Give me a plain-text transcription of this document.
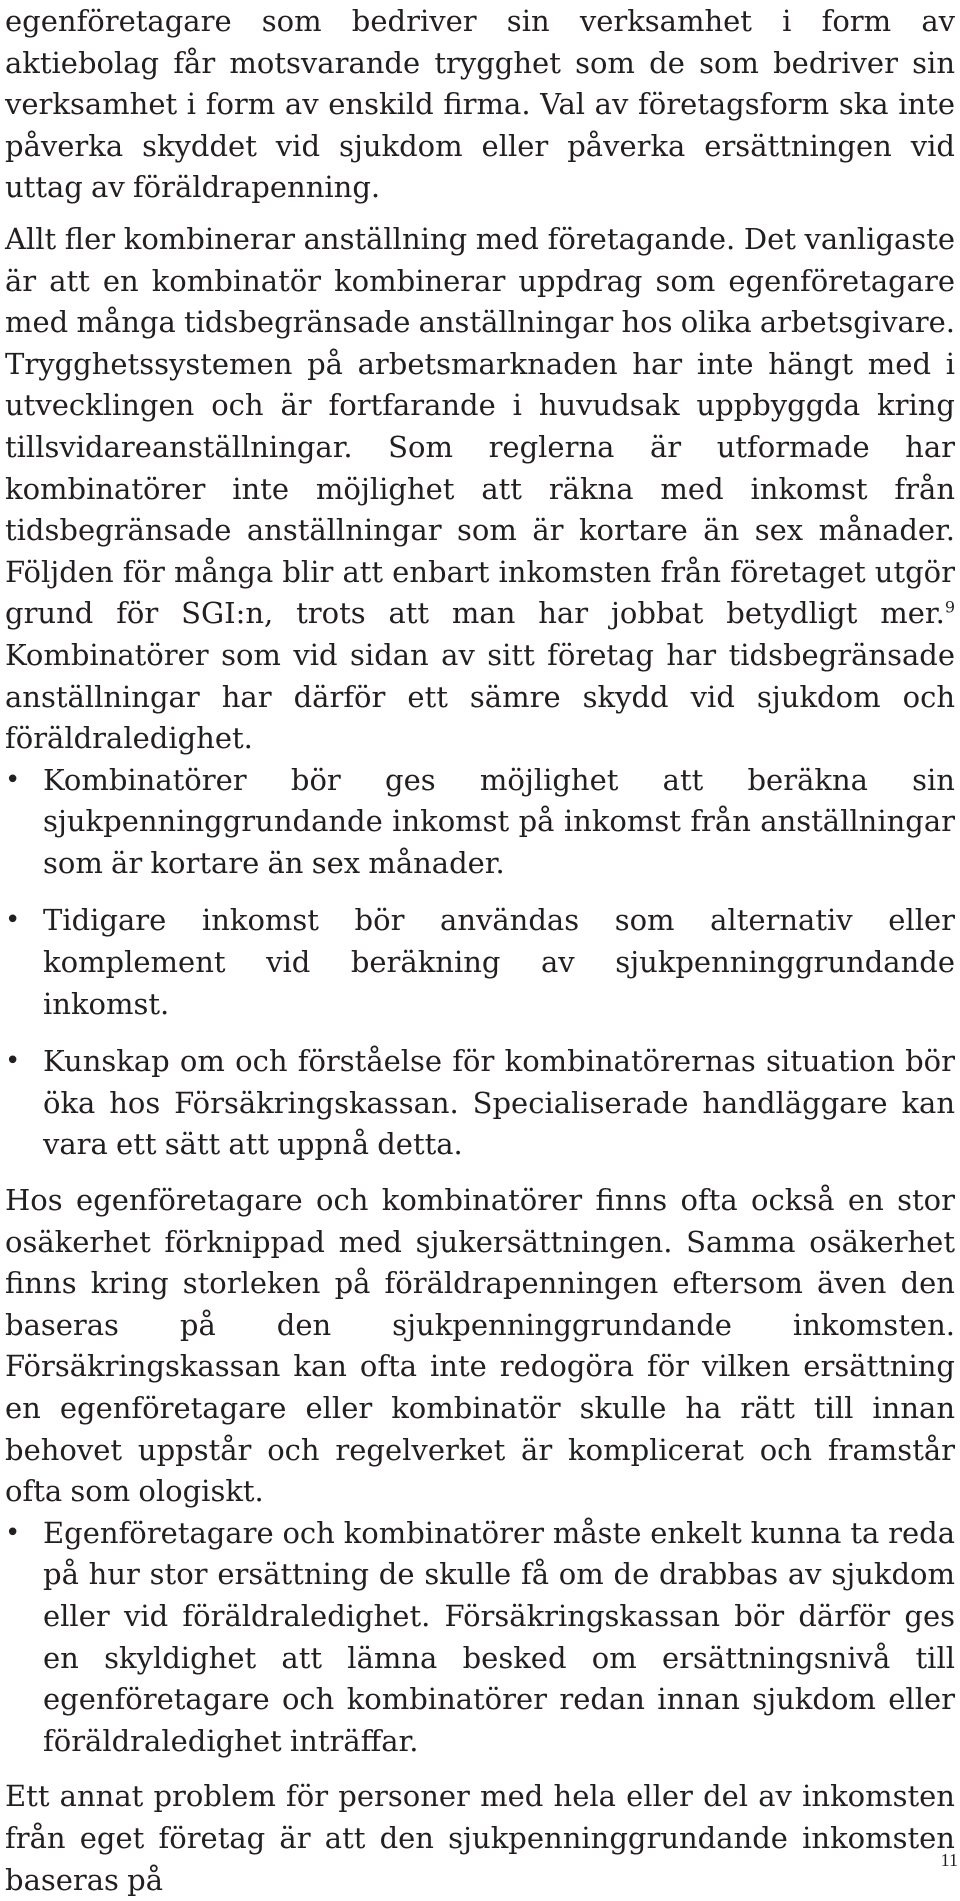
egenföretagare som bedriver sin verksamhet i form av aktiebolag får motsvarande trygghet som de som bedriver sin verksamhet i form av enskild firma. Val av företagsform ska inte påverka skyddet vid sjukdom eller påverka ersättningen vid uttag av föräldrapenning.

Allt fler kombinerar anställning med företagande. Det vanligaste är att en kombinatör kombinerar uppdrag som egenföretagare med många tidsbegränsade anställningar hos olika arbetsgivare. Trygghetssystemen på arbetsmarknaden har inte hängt med i utvecklingen och är fortfarande i huvudsak uppbyggda kring tillsvidareanställningar. Som reglerna är utformade har kombinatörer inte möjlighet att räkna med inkomst från tidsbegränsade anställningar som är kortare än sex månader. Följden för många blir att enbart inkomsten från företaget utgör grund för SGI:n, trots att man har jobbat betydligt mer.$^9$ Kombinatörer som vid sidan av sitt företag har tidsbegränsade anställningar har därför ett sämre skydd vid sjukdom och föräldraledighet.

• Kombinatörer bör ges möjlighet att beräkna sin sjukpenninggrundande inkomst på inkomst från anställningar som är kortare än sex månader.
• Tidigare inkomst bör användas som alternativ eller komplement vid beräkning av sjukpenninggrundande inkomst.
• Kunskap om och förståelse för kombinatörernas situation bör öka hos Försäkringskassan. Specialiserade handläggare kan vara ett sätt att uppnå detta.

Hos egenföretagare och kombinatörer finns ofta också en stor osäkerhet förknippad med sjukersättningen. Samma osäkerhet finns kring storleken på föräldrapenningen eftersom även den baseras på den sjukpenninggrundande inkomsten. Försäkringskassan kan ofta inte redogöra för vilken ersättning en egenföretagare eller kombinatör skulle ha rätt till innan behovet uppstår och regelverket är komplicerat och framstår ofta som ologiskt.

• Egenföretagare och kombinatörer måste enkelt kunna ta reda på hur stor ersättning de skulle få om de drabbas av sjukdom eller vid föräldraledighet. Försäkringskassan bör därför ges en skyldighet att lämna besked om ersättningsnivå till egenföretagare och kombinatörer redan innan sjukdom eller föräldraledighet inträffar.

Ett annat problem för personer med hela eller del av inkomsten från eget företag är att den sjukpenninggrundande inkomsten baseras på

11
